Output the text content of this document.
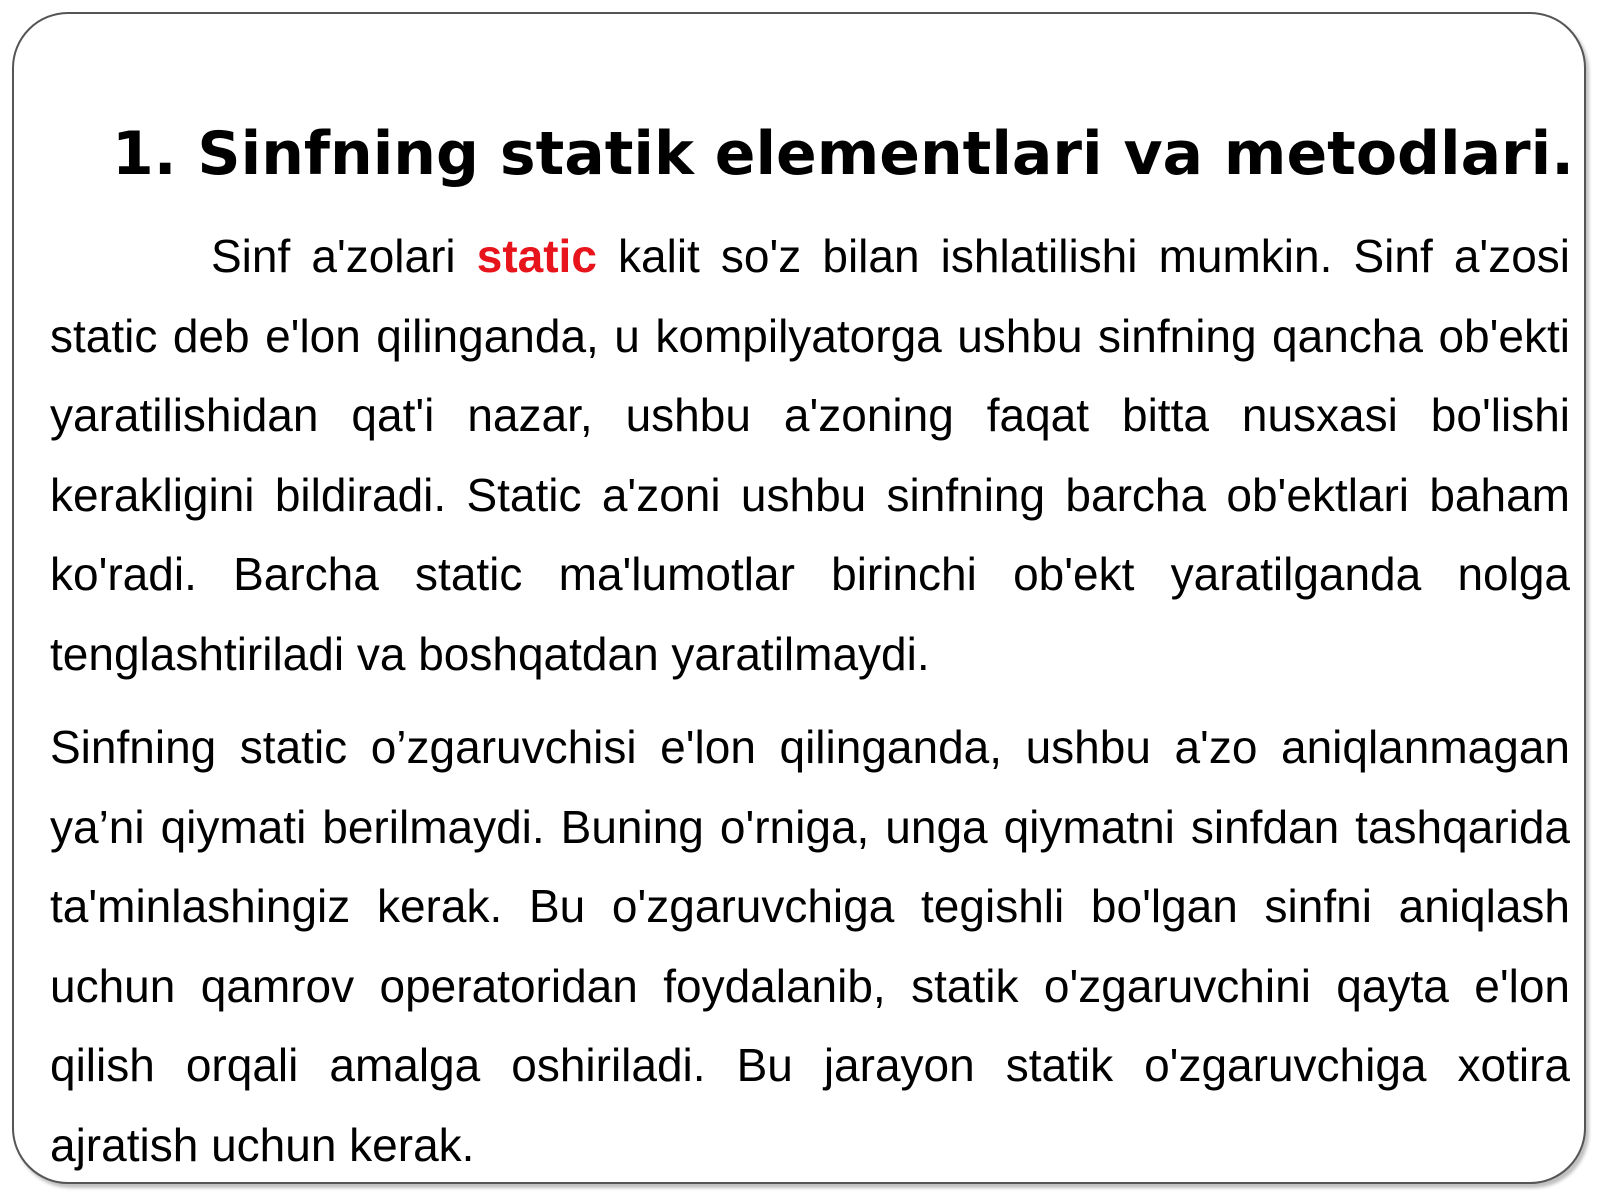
1. Sinfning statik elementlari va metodlari.

Sinf a'zolari static kalit so'z bilan ishlatilishi mumkin. Sinf a'zosi static deb e'lon qilinganda, u kompilyatorga ushbu sinfning qancha ob'ekti yaratilishidan qat'i nazar, ushbu a'zoning faqat bitta nusxasi bo'lishi kerakligini bildiradi. Static a'zoni ushbu sinfning barcha ob'ektlari baham ko'radi. Barcha static ma'lumotlar birinchi ob'ekt yaratilganda nolga tenglashtiriladi va boshqatdan yaratilmaydi.

Sinfning static o’zgaruvchisi e'lon qilinganda, ushbu a'zo aniqlanmagan ya’ni qiymati berilmaydi. Buning o'rniga, unga qiymatni sinfdan tashqarida ta'minlashingiz kerak. Bu o'zgaruvchiga tegishli bo'lgan sinfni aniqlash uchun qamrov operatoridan foydalanib, statik o'zgaruvchini qayta e'lon qilish orqali amalga oshiriladi. Bu jarayon statik o'zgaruvchiga xotira ajratish uchun kerak.
